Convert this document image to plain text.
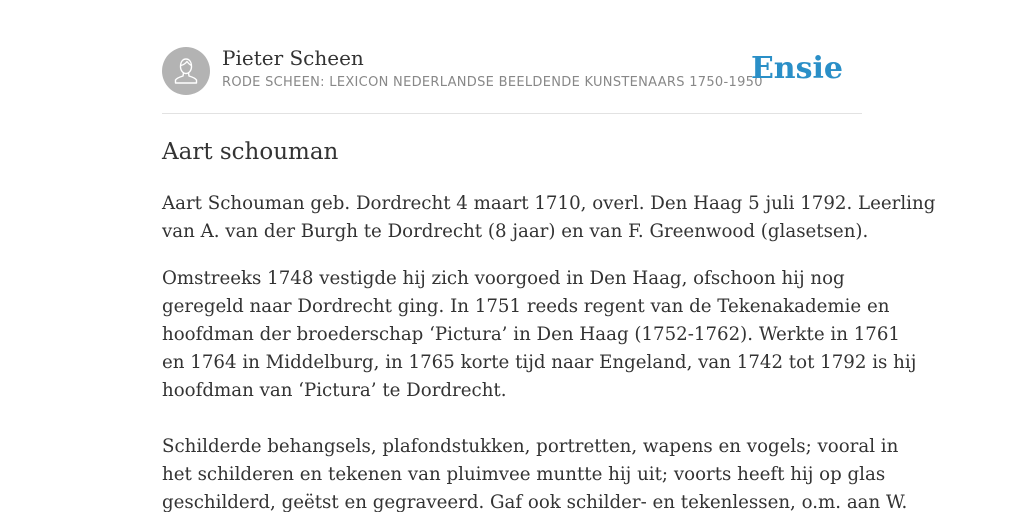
Pieter Scheen
RODE SCHEEN: LEXICON NEDERLANDSE BEELDENDE KUNSTENAARS 1750-1950
Ensie
Aart schouman

Aart Schouman geb. Dordrecht 4 maart 1710, overl. Den Haag 5 juli 1792. Leerling
van A. van der Burgh te Dordrecht (8 jaar) en van F. Greenwood (glasetsen).

Omstreeks 1748 vestigde hij zich voorgoed in Den Haag, ofschoon hij nog
geregeld naar Dordrecht ging. In 1751 reeds regent van de Tekenakademie en
hoofdman der broederschap ‘Pictura’ in Den Haag (1752-1762). Werkte in 1761
en 1764 in Middelburg, in 1765 korte tijd naar Engeland, van 1742 tot 1792 is hij
hoofdman van ‘Pictura’ te Dordrecht.

Schilderde behangsels, plafondstukken, portretten, wapens en vogels; vooral in
het schilderen en tekenen van pluimvee muntte hij uit; voorts heeft hij op glas
geschilderd, geëtst en gegraveerd. Gaf ook schilder- en tekenlessen, o.m. aan W.
